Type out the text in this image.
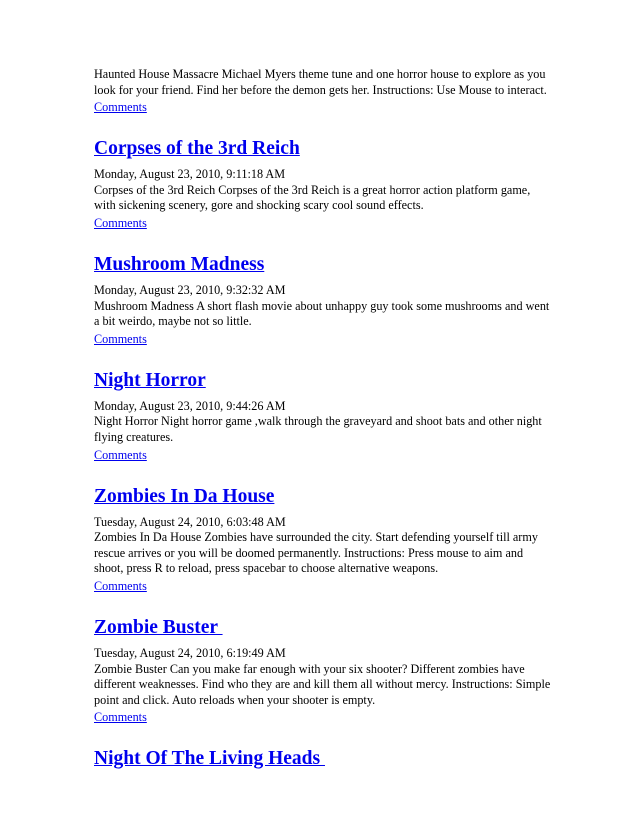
Haunted House Massacre Michael Myers theme tune and one horror house to explore as you look for your friend. Find her before the demon gets her. Instructions: Use Mouse to interact.

Comments
Corpses of the 3rd Reich

Monday, August 23, 2010, 9:11:18 AM

Corpses of the 3rd Reich Corpses of the 3rd Reich is a great horror action platform game, with sickening scenery, gore and shocking scary cool sound effects.

Comments
Mushroom Madness

Monday, August 23, 2010, 9:32:32 AM

Mushroom Madness A short flash movie about unhappy guy took some mushrooms and went a bit weirdo, maybe not so little.

Comments
Night Horror

Monday, August 23, 2010, 9:44:26 AM

Night Horror Night horror game ,walk through the graveyard and shoot bats and other night flying creatures.

Comments
Zombies In Da House

Tuesday, August 24, 2010, 6:03:48 AM

Zombies In Da House Zombies have surrounded the city. Start defending yourself till army rescue arrives or you will be doomed permanently. Instructions: Press mouse to aim and shoot, press R to reload, press spacebar to choose alternative weapons.

Comments
Zombie Buster

Tuesday, August 24, 2010, 6:19:49 AM

Zombie Buster Can you make far enough with your six shooter? Different zombies have different weaknesses. Find who they are and kill them all without mercy. Instructions: Simple point and click. Auto reloads when your shooter is empty.

Comments
Night Of The Living Heads
